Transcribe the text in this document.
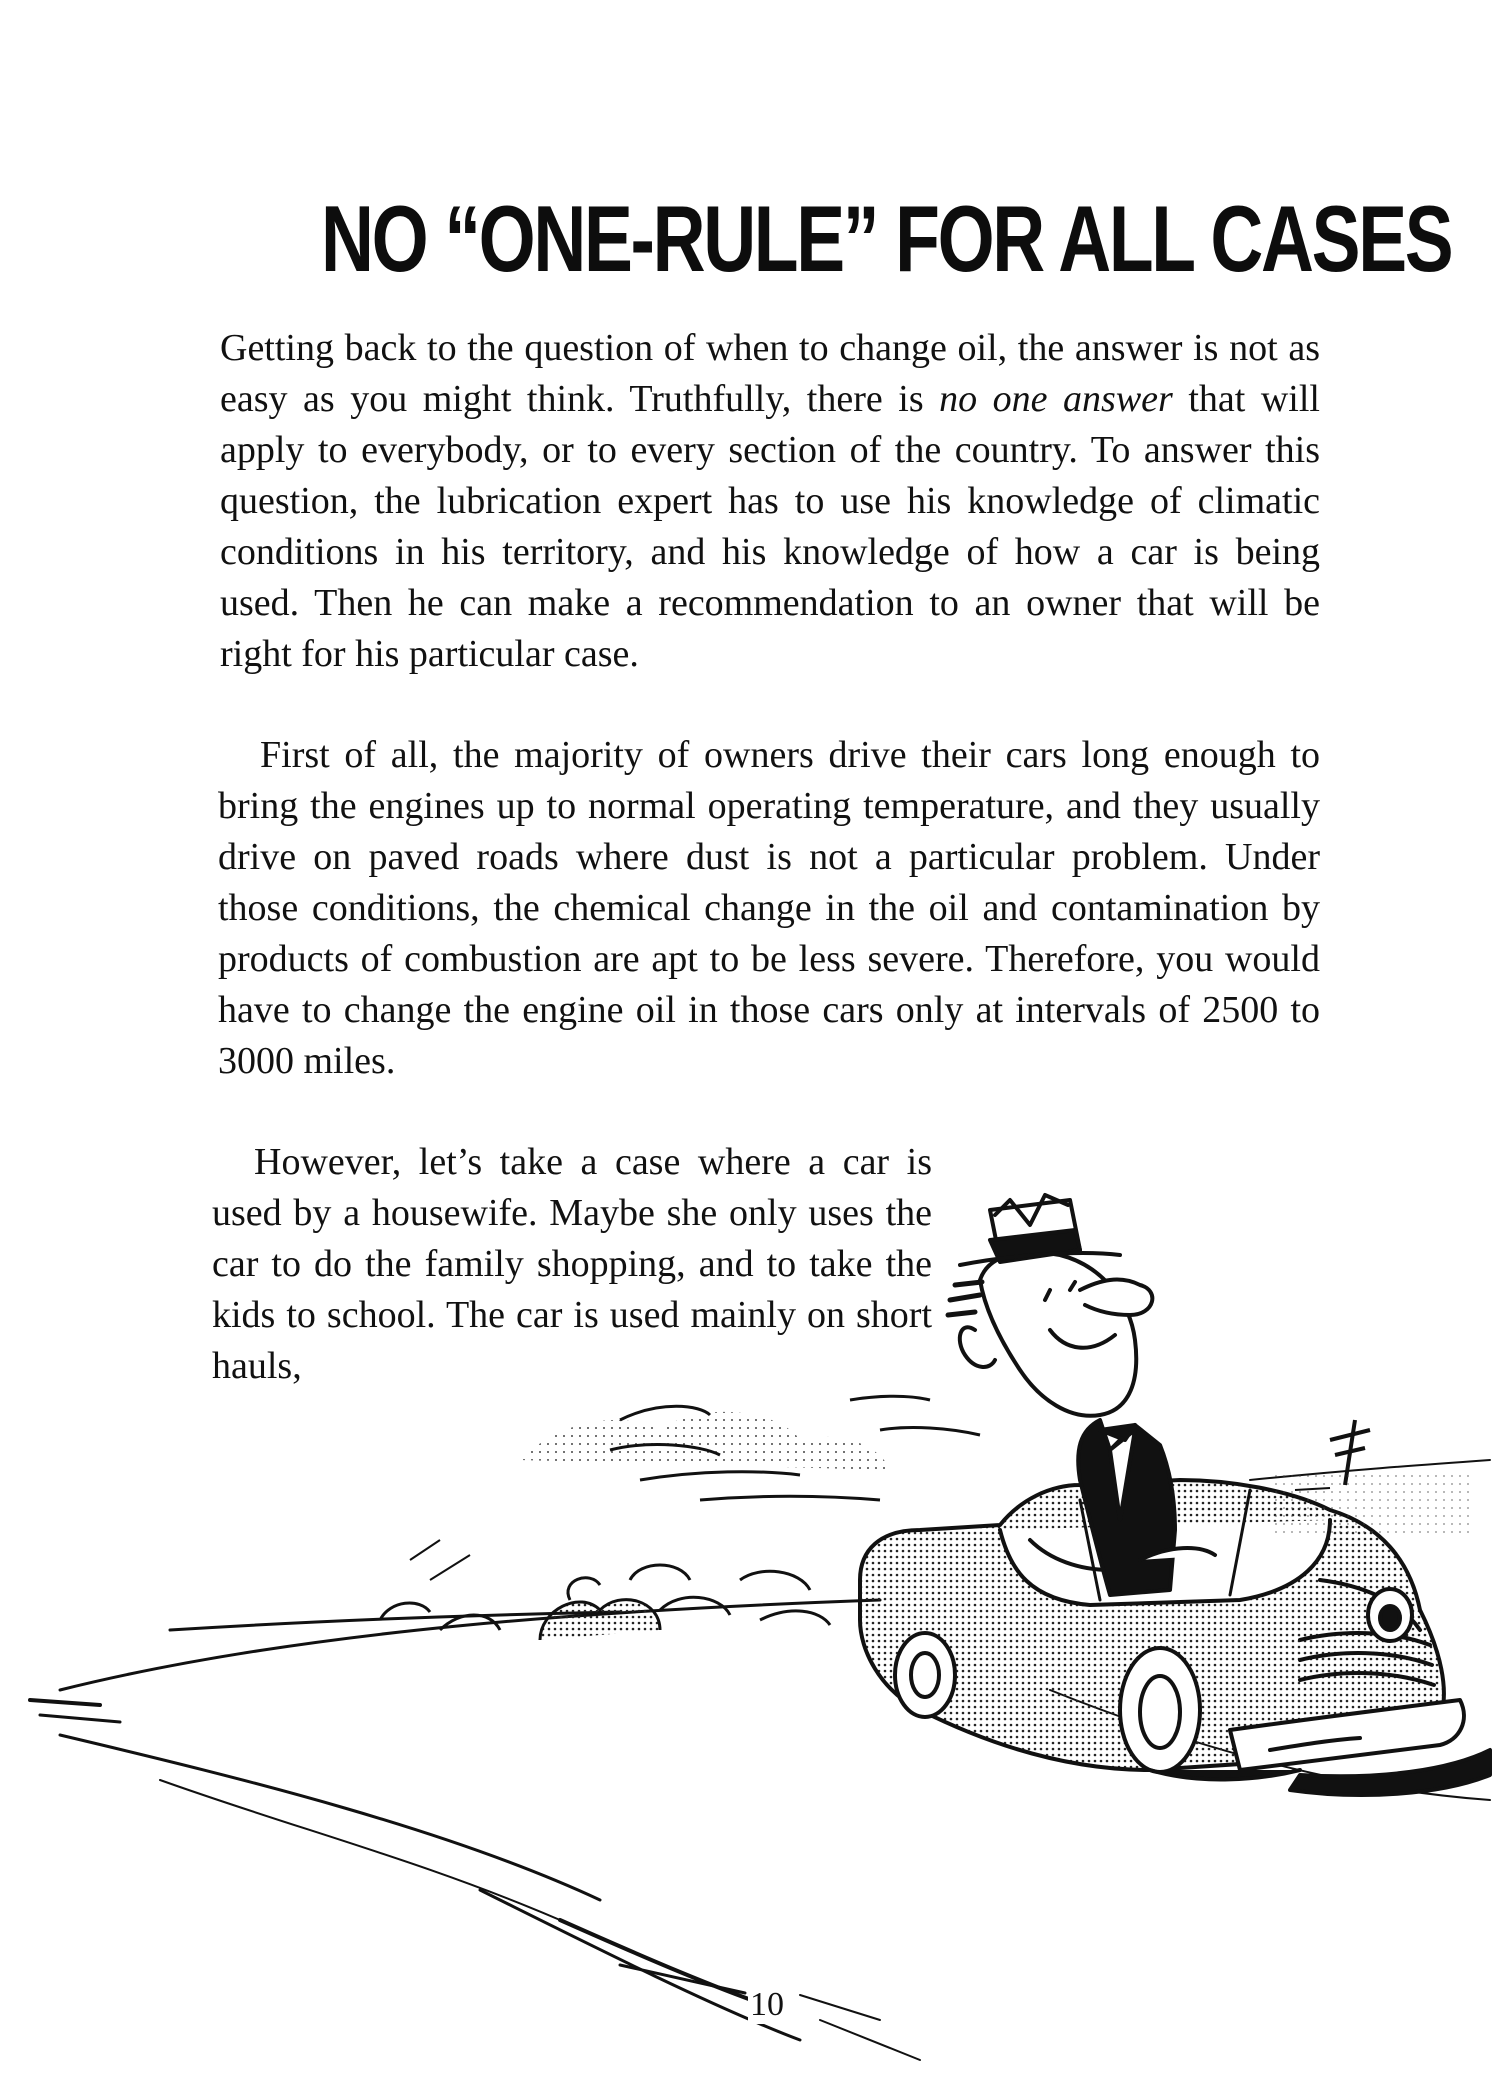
NO “ONE-RULE” FOR ALL CASES

Getting back to the question of when to change oil, the answer is not as easy as you might think. Truthfully, there is no one answer that will apply to everybody, or to every section of the country. To answer this question, the lubrication expert has to use his knowledge of climatic conditions in his territory, and his knowledge of how a car is being used. Then he can make a recommendation to an owner that will be right for his particular case.

First of all, the majority of owners drive their cars long enough to bring the engines up to normal operating temperature, and they usually drive on paved roads where dust is not a particular problem. Under those conditions, the chemical change in the oil and contamination by products of combustion are apt to be less severe. Therefore, you would have to change the engine oil in those cars only at intervals of 2500 to 3000 miles.

However, let’s take a case where a car is used by a housewife. Maybe she only uses the car to do the family shopping, and to take the kids to school. The car is used mainly on short hauls,

10
